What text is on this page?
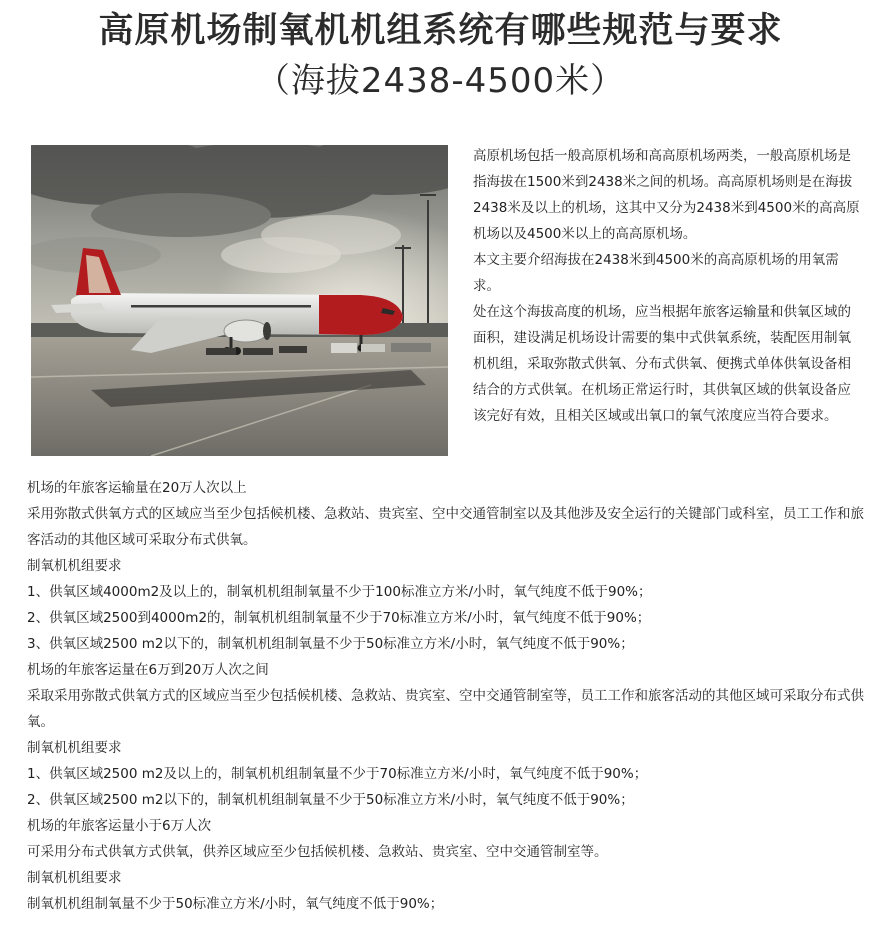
高原机场制氧机机组系统有哪些规范与要求
（海拔2438-4500米）

高原机场包括一般高原机场和高高原机场两类，一般高原机场是指海拔在1500米到2438米之间的机场。高高原机场则是在海拔2438米及以上的机场，这其中又分为2438米到4500米的高高原机场以及4500米以上的高高原机场。

本文主要介绍海拔在2438米到4500米的高高原机场的用氧需求。

处在这个海拔高度的机场，应当根据年旅客运输量和供氧区域的面积，建设满足机场设计需要的集中式供氧系统，装配医用制氧机机组，采取弥散式供氧、分布式供氧、便携式单体供氧设备相结合的方式供氧。在机场正常运行时，其供氧区域的供氧设备应该完好有效，且相关区域或出氧口的氧气浓度应当符合要求。

机场的年旅客运输量在20万人次以上

采用弥散式供氧方式的区域应当至少包括候机楼、急救站、贵宾室、空中交通管制室以及其他涉及安全运行的关键部门或科室，员工工作和旅客活动的其他区域可采取分布式供氧。

制氧机机组要求

1、供氧区域4000m2及以上的，制氧机机组制氧量不少于100标准立方米/小时，氧气纯度不低于90%；

2、供氧区域2500到4000m2的，制氧机机组制氧量不少于70标准立方米/小时，氧气纯度不低于90%；

3、供氧区域2500 m2以下的，制氧机机组制氧量不少于50标准立方米/小时，氧气纯度不低于90%；

机场的年旅客运量在6万到20万人次之间

采取采用弥散式供氧方式的区域应当至少包括候机楼、急救站、贵宾室、空中交通管制室等，员工工作和旅客活动的其他区域可采取分布式供氧。

制氧机机组要求

1、供氧区域2500 m2及以上的，制氧机机组制氧量不少于70标准立方米/小时，氧气纯度不低于90%；

2、供氧区域2500 m2以下的，制氧机机组制氧量不少于50标准立方米/小时，氧气纯度不低于90%；

机场的年旅客运量小于6万人次

可采用分布式供氧方式供氧，供养区域应至少包括候机楼、急救站、贵宾室、空中交通管制室等。

制氧机机组要求

制氧机机组制氧量不少于50标准立方米/小时，氧气纯度不低于90%；
